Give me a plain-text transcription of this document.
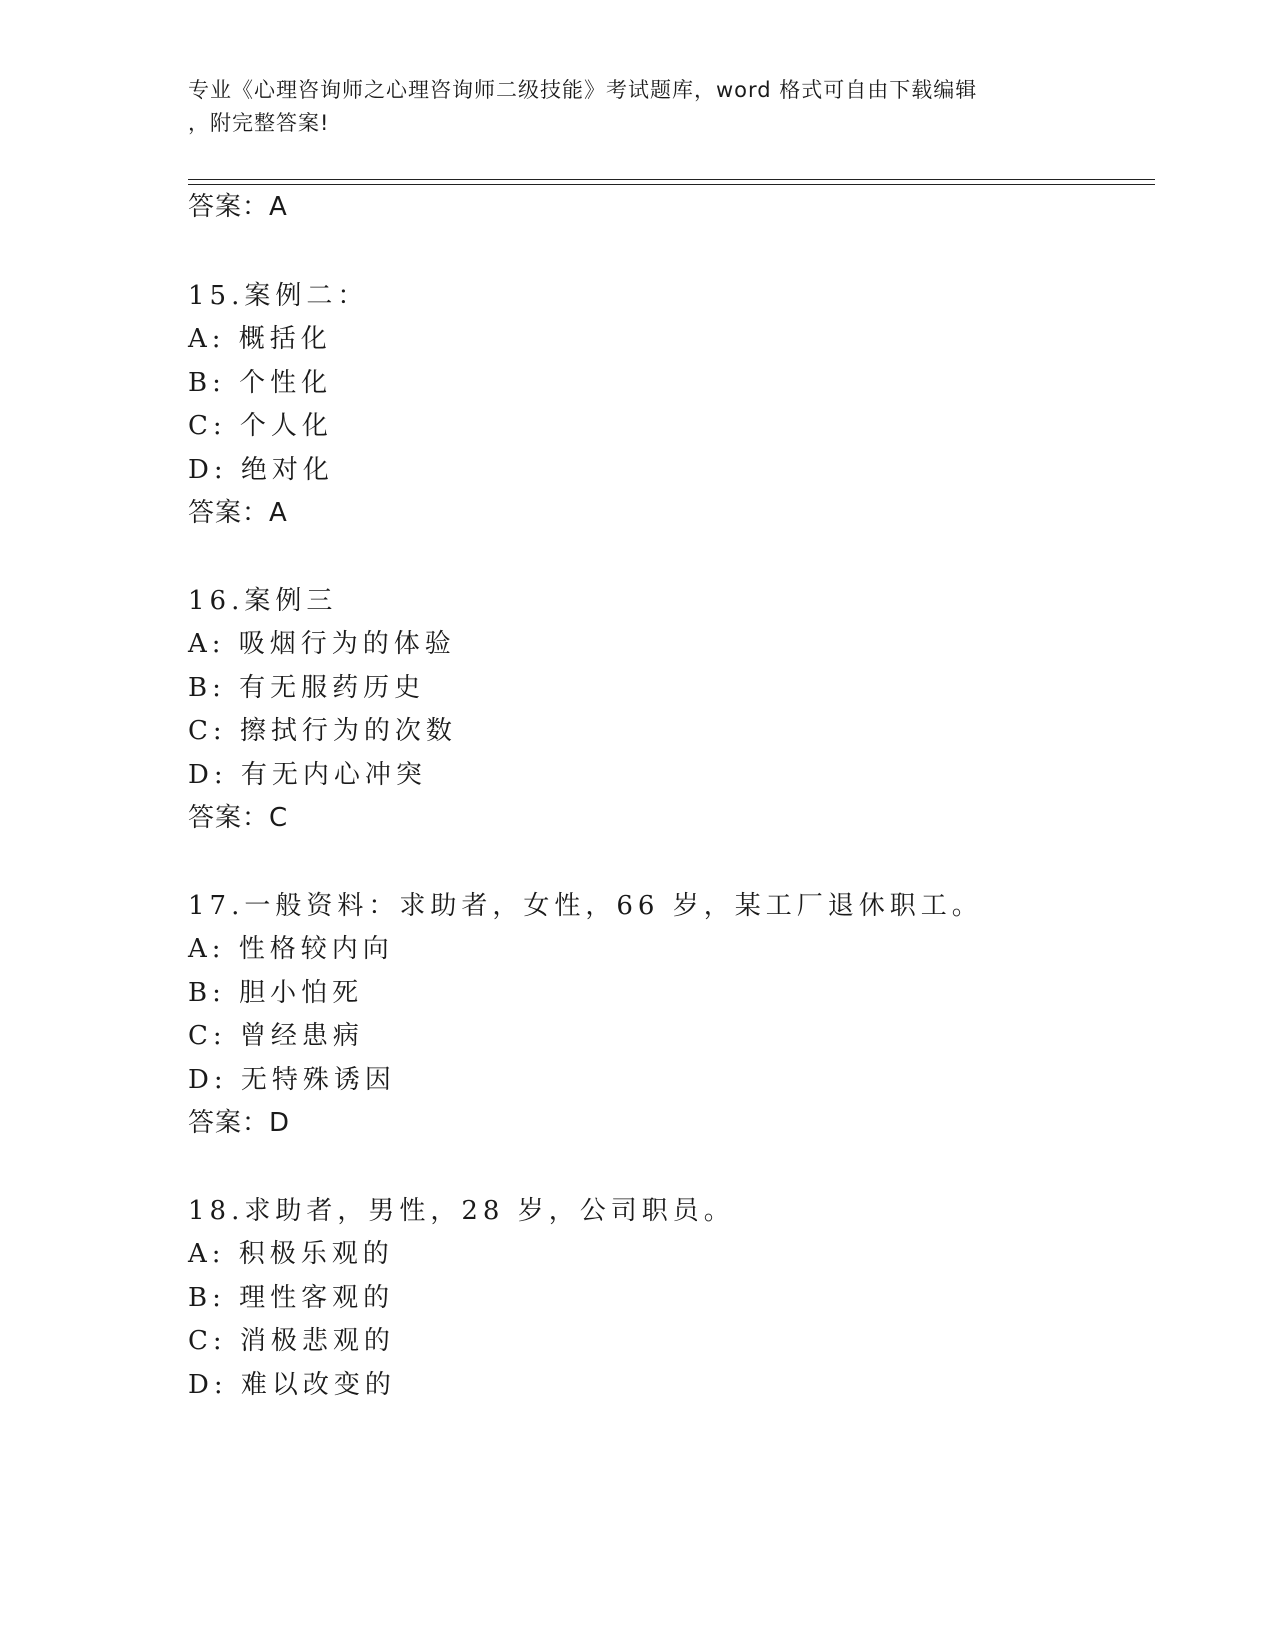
专业《心理咨询师之心理咨询师二级技能》考试题库，word 格式可自由下载编辑
，附完整答案!
答案：A
15.案例二：
A: 概括化
B: 个性化
C: 个人化
D: 绝对化
答案：A
16.案例三
A: 吸烟行为的体验
B: 有无服药历史
C: 擦拭行为的次数
D: 有无内心冲突
答案：C
17.一般资料：求助者，女性，66 岁，某工厂退休职工。
A: 性格较内向
B: 胆小怕死
C: 曾经患病
D: 无特殊诱因
答案：D
18.求助者，男性，28 岁，公司职员。
A: 积极乐观的
B: 理性客观的
C: 消极悲观的
D: 难以改变的
